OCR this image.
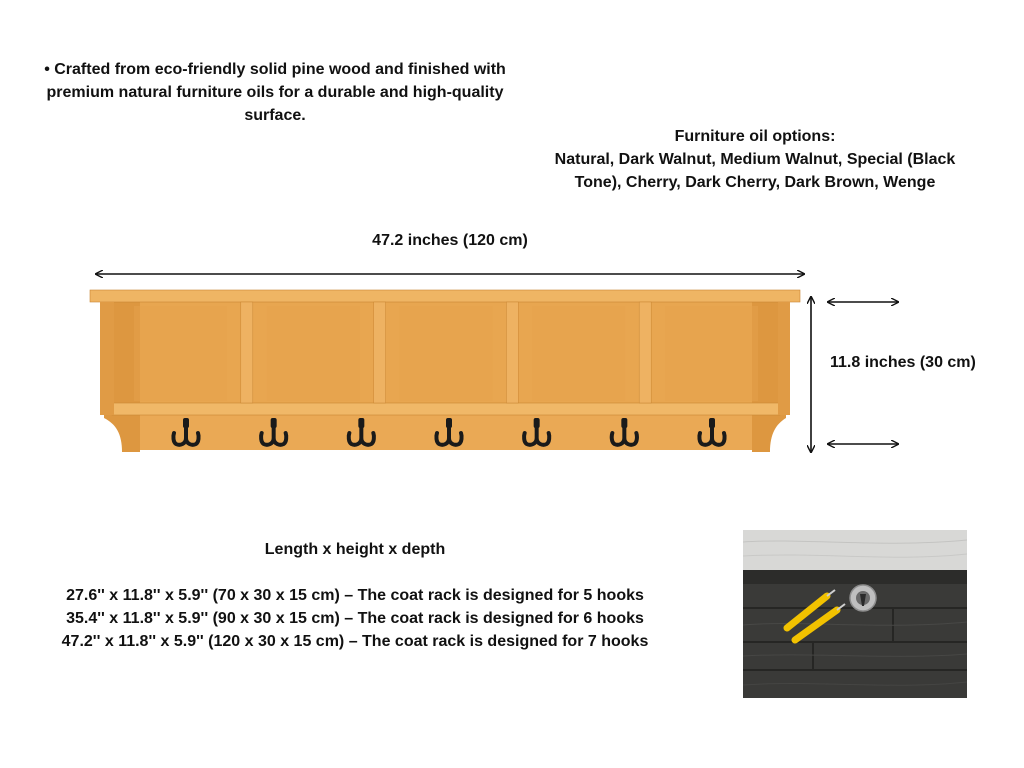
• Crafted from eco-friendly solid pine wood and finished with premium natural furniture oils for a durable and high-quality surface.
Furniture oil options:
Natural, Dark Walnut, Medium Walnut, Special (Black Tone), Cherry, Dark Cherry, Dark Brown, Wenge
47.2 inches (120 cm)
11.8 inches (30 cm)
Length x height x depth
27.6'' x 11.8'' x 5.9'' (70 x 30 x 15 cm) – The coat rack is designed for 5 hooks
35.4'' x 11.8'' x 5.9'' (90 x 30 x 15 cm) – The coat rack is designed for 6 hooks
47.2'' x 11.8'' x 5.9'' (120 x 30 x 15 cm) – The coat rack is designed for 7 hooks
